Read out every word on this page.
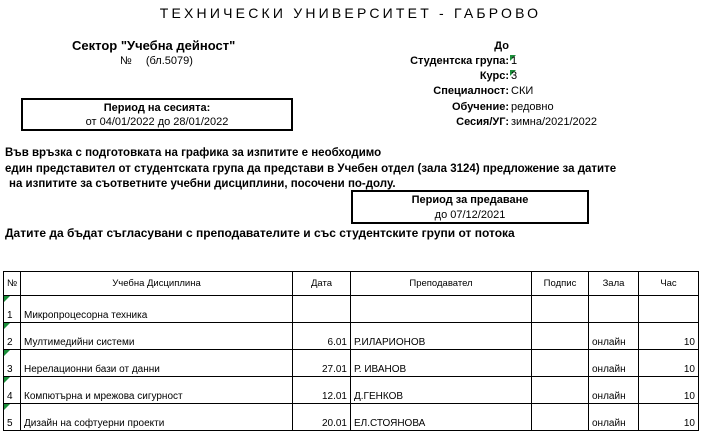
ТЕХНИЧЕСКИ УНИВЕРСИТЕТ - ГАБРОВО
Сектор "Учебна дейност"
№ (бл.5079)
До
Студентска група: 1
Курс: 3
Специалност: СКИ
Обучение: редовно
Сесия/УГ: зимна/2021/2022
Период на сесията:
от 04/01/2022 до 28/01/2022
Във връзка с подготовката на графика за изпитите е необходимо
един представител от студентската група да представи в Учебен отдел (зала 3124) предложение за датите
на изпитите за съответните учебни дисциплини, посочени по-долу.
Период за предаване
до 07/12/2021
Датите да бъдат съгласувани с преподавателите и със студентските групи от потока
№	Учебна Дисциплина	Дата	Преподавател	Подпис	Зала	Час

1	Микропроцесорна техника					

2	Мултимедийни системи	6.01	Р.ИЛАРИОНОВ		онлайн	10

3	Нерелационни бази от данни	27.01	Р. ИВАНОВ		онлайн	10

4	Компютърна и мрежова сигурност	12.01	Д.ГЕНКОВ		онлайн	10

5	Дизайн на софтуерни проекти	20.01	ЕЛ.СТОЯНОВА		онлайн	10
